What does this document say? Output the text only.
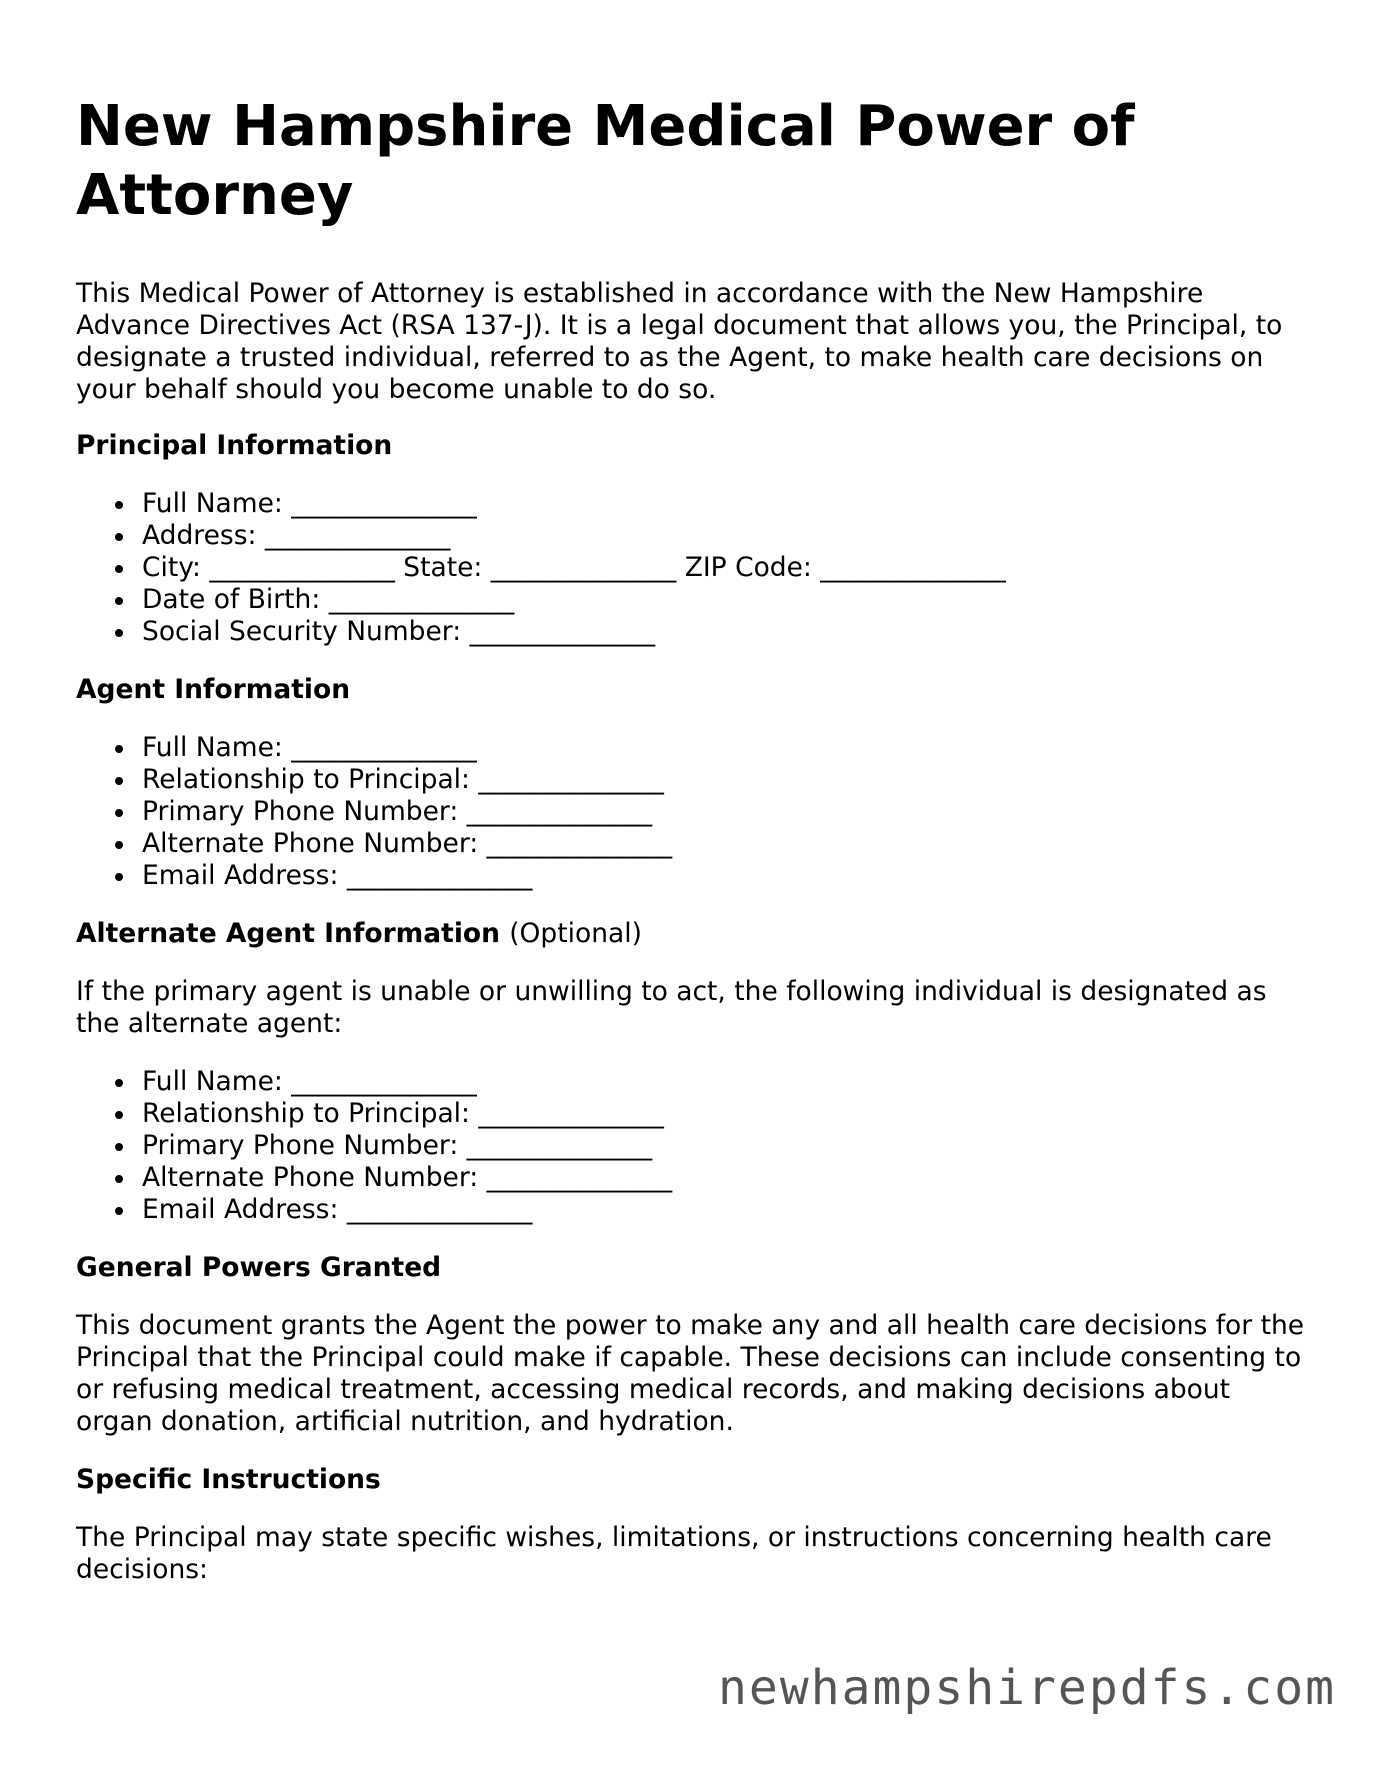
New Hampshire Medical Power of Attorney

This Medical Power of Attorney is established in accordance with the New Hampshire Advance Directives Act (RSA 137-J). It is a legal document that allows you, the Principal, to designate a trusted individual, referred to as the Agent, to make health care decisions on your behalf should you become unable to do so.

Principal Information
Full Name: ______________
Address: ______________
City: ______________ State: ______________ ZIP Code: ______________
Date of Birth: ______________
Social Security Number: ______________
Agent Information
Full Name: ______________
Relationship to Principal: ______________
Primary Phone Number: ______________
Alternate Phone Number: ______________
Email Address: ______________
Alternate Agent Information (Optional)

If the primary agent is unable or unwilling to act, the following individual is designated as the alternate agent:

Full Name: ______________
Relationship to Principal: ______________
Primary Phone Number: ______________
Alternate Phone Number: ______________
Email Address: ______________
General Powers Granted

This document grants the Agent the power to make any and all health care decisions for the Principal that the Principal could make if capable. These decisions can include consenting to or refusing medical treatment, accessing medical records, and making decisions about organ donation, artificial nutrition, and hydration.

Specific Instructions

The Principal may state specific wishes, limitations, or instructions concerning health care decisions:

newhampshirepdfs.com
